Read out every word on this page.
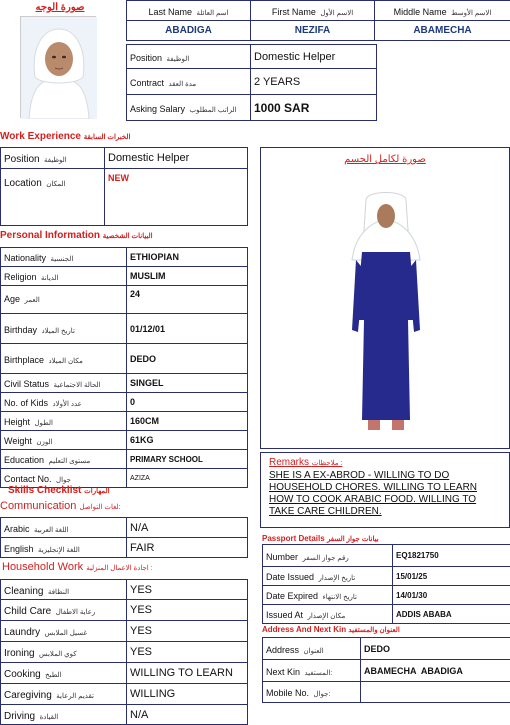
صورة الوجه	Last Name اسم العائلة	First Name الاسم الأول	Middle Name الاسم الأوسط
ABADIGA	NEZIFA	ABAMECHA
Position الوظيفة	Domestic Helper
Contract مدة العقد	2 YEARS
Asking Salary الراتب المطلوب	1000 SAR
Work Experience الخبرات السابقة
Position الوظيفة	Domestic Helper
Location المكان	NEW
صورة لكامل الجسم
Personal Information البيانات الشخصية
Nationality الجنسية	ETHIOPIAN
Religion الديانة	MUSLIM
Age العمر	24
Birthday تاريخ الميلاد	01/12/01
Birthplace مكان الميلاد	DEDO
Civil Status الحالة الاجتماعية	SINGEL
No. of Kids عدد الأولاد	0
Height الطول	160CM
Weight الوزن	61KG
Education مستوى التعليم	PRIMARY SCHOOL
Contact No. جوال	AZIZA
Remarks ملاحظات :
SHE IS A EX-ABROD - WILLING TO DO HOUSEHOLD CHORES. WILLING TO LEARN HOW TO COOK ARABIC FOOD. WILLING TO TAKE CARE CHILDREN.
Skills Checklist المهارات
Communication لغات التواصل:
Arabic اللغة العربية	N/A
English اللغة الإنجليزية	FAIR
Household Work اجادة الاعمال المنزلية :
Cleaning النظافة	YES
Child Care رعاية الاطفال	YES
Laundry غسيل الملابس	YES
Ironing كوي الملابس	YES
Cooking الطبخ	WILLING TO LEARN
Caregiving تقديم الرعاية	WILLING
Driving القيادة	N/A
Passport Details بيانات جواز السفر
Number رقم جواز السفر	EQ1821750
Date Issued تاريخ الإصدار	15/01/25
Date Expired تاريخ الانتهاء	14/01/30
Issued At مكان الإصدار	ADDIS ABABA
Address And Next Kin العنوان والمستفيد
Address العنوان	DEDO
Next Kin المستفيد:	ABAMECHA  ABADIGA
Mobile No. جوال:	
